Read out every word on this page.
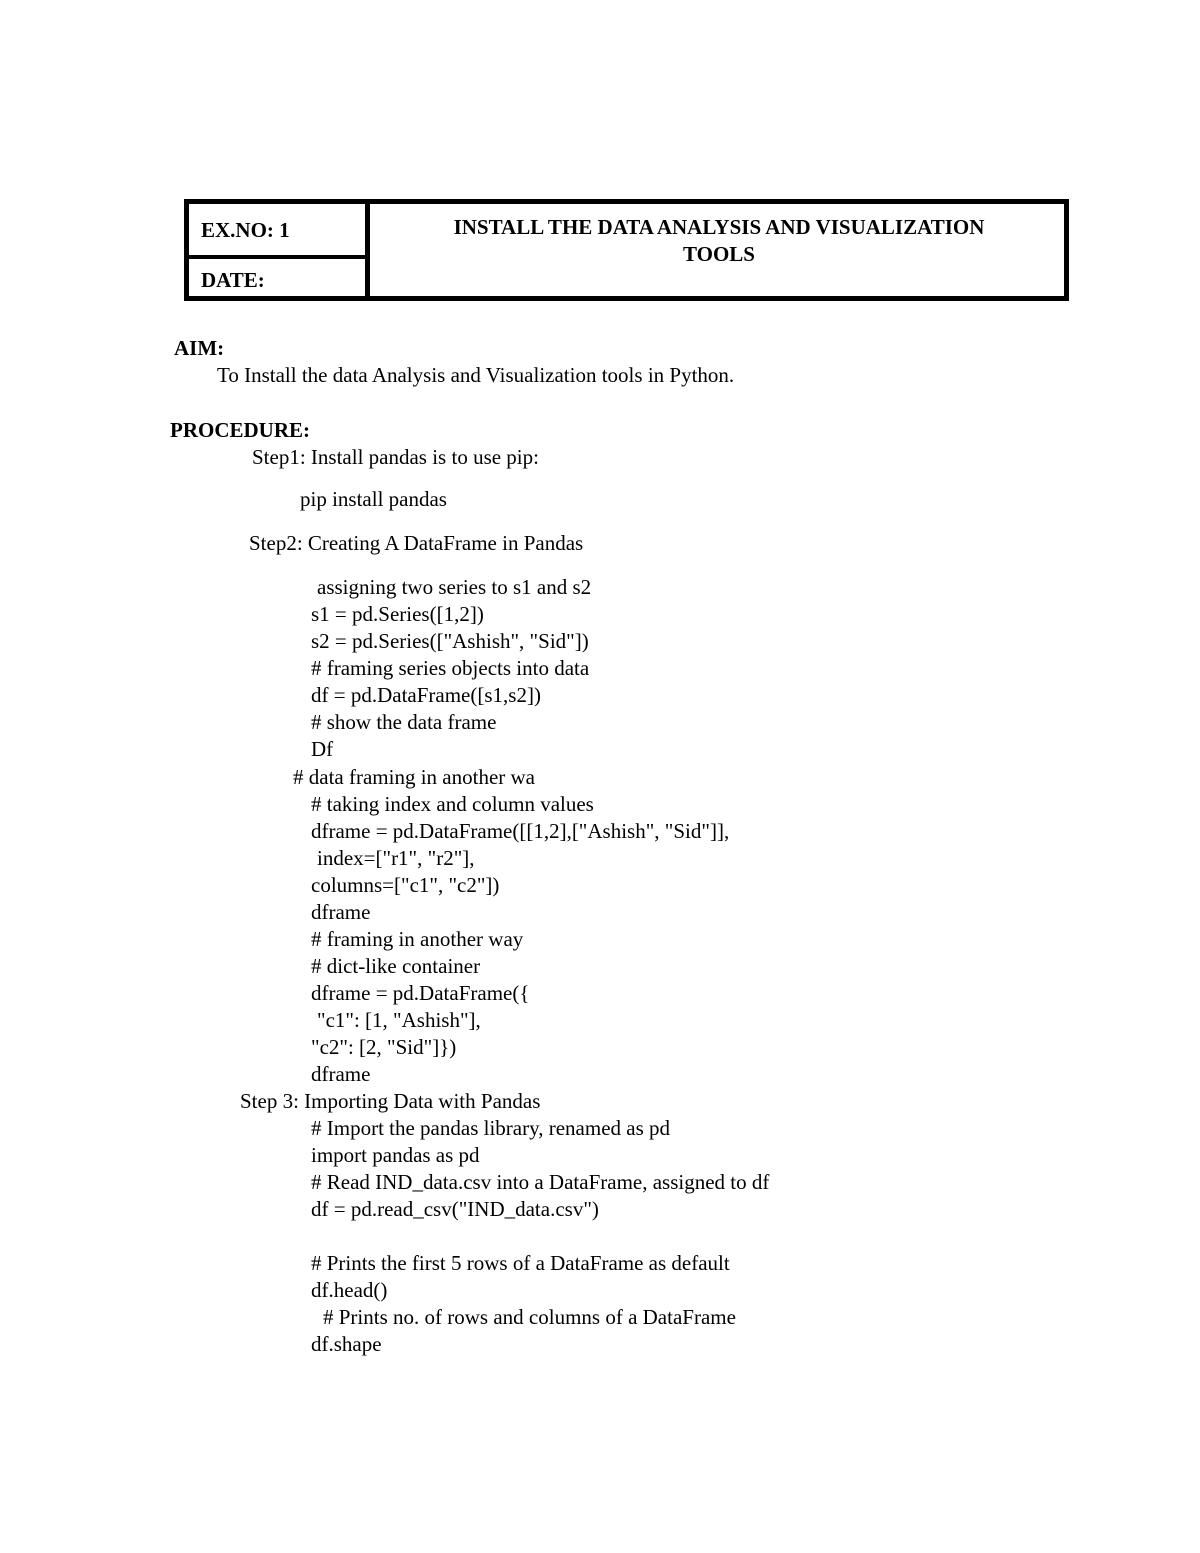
EX.NO: 1
DATE:
INSTALL THE DATA ANALYSIS AND VISUALIZATION
TOOLS
AIM:
To Install the data Analysis and Visualization tools in Python.
PROCEDURE:
Step1: Install pandas is to use pip:
pip install pandas
Step2: Creating A DataFrame in Pandas
assigning two series to s1 and s2
s1 = pd.Series([1,2])
s2 = pd.Series(["Ashish", "Sid"])
# framing series objects into data
df = pd.DataFrame([s1,s2])
# show the data frame
Df
# data framing in another wa
# taking index and column values
dframe = pd.DataFrame([[1,2],["Ashish", "Sid"]],
index=["r1", "r2"],
columns=["c1", "c2"])
dframe
# framing in another way
# dict-like container
dframe = pd.DataFrame({
"c1": [1, "Ashish"],
"c2": [2, "Sid"]})
dframe
Step 3: Importing Data with Pandas
# Import the pandas library, renamed as pd
import pandas as pd
# Read IND_data.csv into a DataFrame, assigned to df
df = pd.read_csv("IND_data.csv")
# Prints the first 5 rows of a DataFrame as default
df.head()
# Prints no. of rows and columns of a DataFrame
df.shape
